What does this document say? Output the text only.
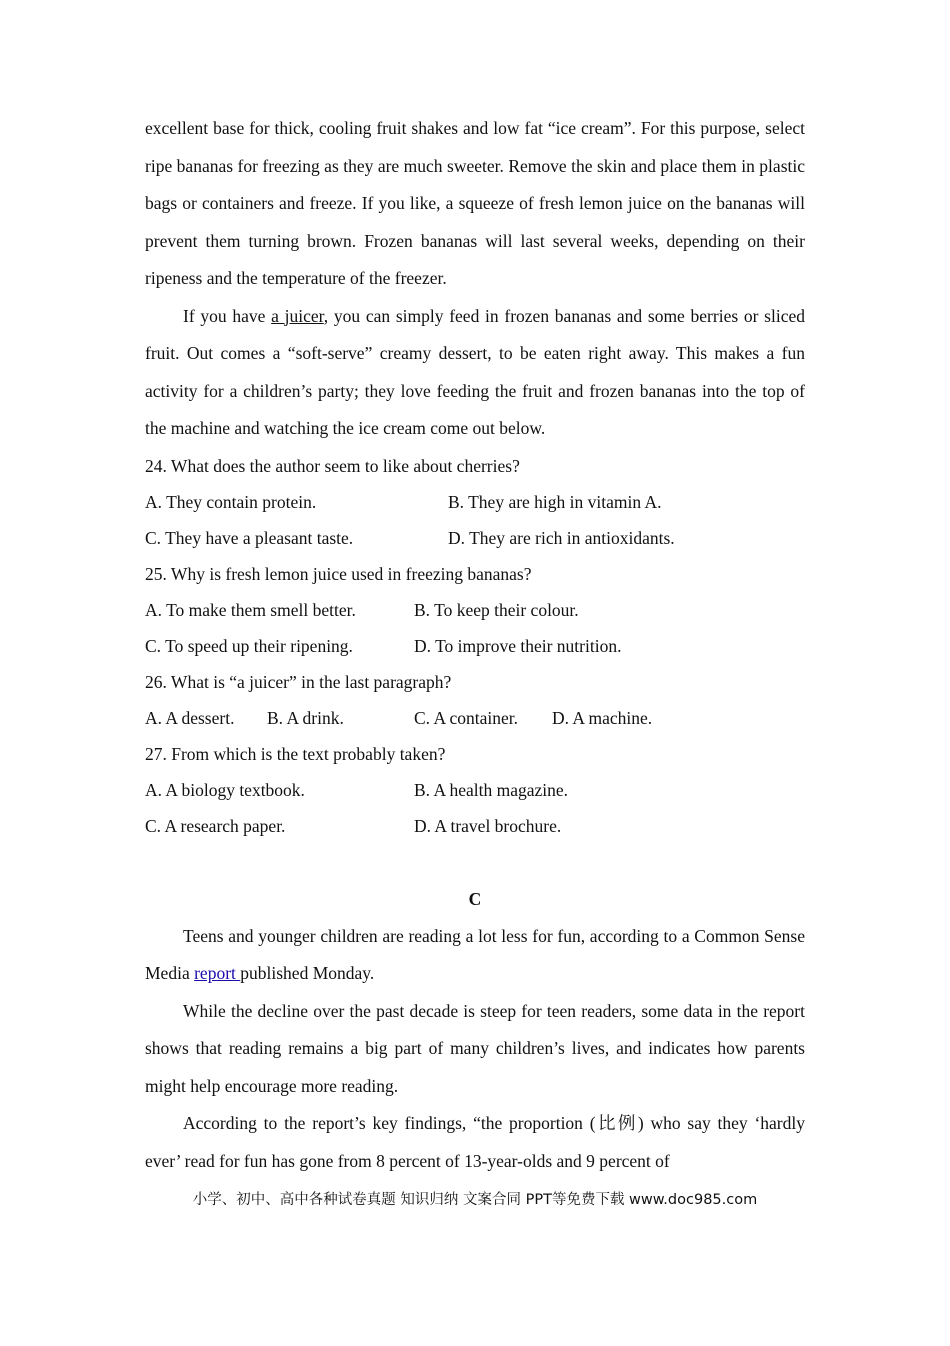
excellent base for thick, cooling fruit shakes and low fat “ice cream”. For this purpose, select ripe bananas for freezing as they are much sweeter. Remove the skin and place them in plastic bags or containers and freeze. If you like, a squeeze of fresh lemon juice on the bananas will prevent them turning brown. Frozen bananas will last several weeks, depending on their ripeness and the temperature of the freezer.

If you have a juicer, you can simply feed in frozen bananas and some berries or sliced fruit. Out comes a “soft-serve” creamy dessert, to be eaten right away. This makes a fun activity for a children’s party; they love feeding the fruit and frozen bananas into the top of the machine and watching the ice cream come out below.

24. What does the author seem to like about cherries?

A. They contain protein.	B. They are high in vitamin A.
C. They have a pleasant taste.	D. They are rich in antioxidants.

25. Why is fresh lemon juice used in freezing bananas?

A. To make them smell better.	B. To keep their colour.
C. To speed up their ripening.	D. To improve their nutrition.

26. What is “a juicer” in the last paragraph?

A. A dessert. B. A drink.	C. A container. D. A machine.

27. From which is the text probably taken?

A. A biology textbook.	B. A health magazine.
C. A research paper.	D. A travel brochure.

C

Teens and younger children are reading a lot less for fun, according to a Common Sense Media report published Monday.

While the decline over the past decade is steep for teen readers, some data in the report shows that reading remains a big part of many children’s lives, and indicates how parents might help encourage more reading.

According to the report’s key findings, “the proportion (比例) who say they ‘hardly ever’ read for fun has gone from 8 percent of 13-year-olds and 9 percent of

小学、初中、高中各种试卷真题 知识归纳 文案合同 PPT等免费下载 www.doc985.com
